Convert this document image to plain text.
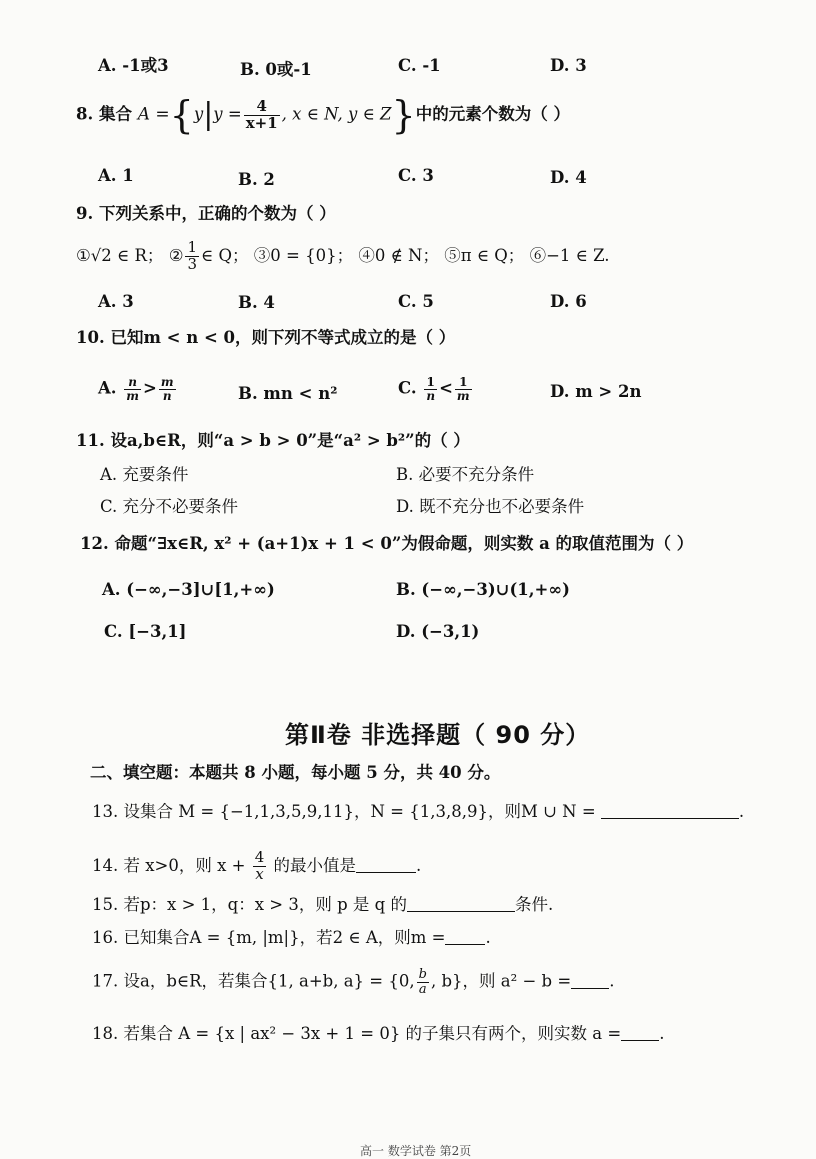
A. -1或3	B. 0或-1	C. -1	D. 3
8. 集合 $A =\{y|y = \frac{4}{x+1}$ , x ∈ N, y ∈ Z}中的元素个数为（ ）
A. 1	B. 2	C. 3	D. 4
9. 下列关系中，正确的个数为（ ）
①√2 ∈ R； ② $\frac{1}{3}$ ∈ Q； ③0 = {0}； ④0 ∉ N； ⑤π ∈ Q； ⑥−1 ∈ Z.
A. 3	B. 4	C. 5	D. 6
10. 已知m < n < 0，则下列不等式成立的是（ ）
A. $\frac{n}{m} > \frac{m}{n}$	B. mn < n²	C. $\frac{1}{n} < \frac{1}{m}$	D. m > 2n
11. 设a,b∈R，则“a > b > 0”是“a² > b²”的（ ）
A. 充要条件	B. 必要不充分条件
C. 充分不必要条件	D. 既不充分也不必要条件
12. 命题“∃x∈R, x² + (a+1)x + 1 < 0”为假命题，则实数 a 的取值范围为（ ）
A. (−∞,−3]∪[1,+∞)	B. (−∞,−3)∪(1,+∞)
C. [−3,1]	D. (−3,1)
第Ⅱ卷 非选择题（ 90 分）
二、填空题：本题共 8 小题，每小题 5 分，共 40 分。
13. 设集合 M = {−1,1,3,5,9,11}，N = {1,3,8,9}，则M ∪ N =	.
14. 若 x>0，则 $x + \frac{4}{x}$ 的最小值是	.
15. 若p：x > 1，q：x > 3，则 p 是 q 的	条件.
16. 已知集合A = {m, |m|}，若2 ∈ A，则m = .
17. 设a，b∈R，若集合{1, a+b, a} = {0, $\frac{b}{a}$ , b}，则 a² − b = .
18. 若集合 A = {x | ax² − 3x + 1 = 0} 的子集只有两个，则实数 a = .
高一 数学试卷 第2页
